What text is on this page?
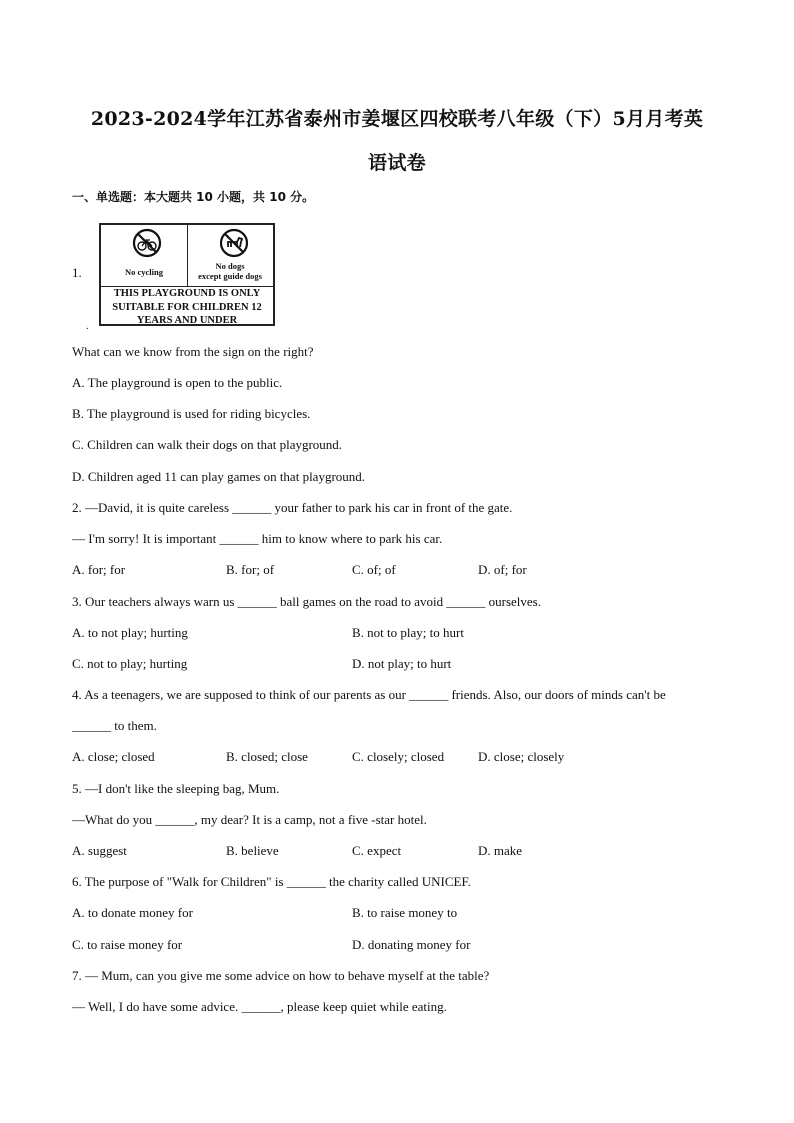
2023-2024学年江苏省泰州市姜堰区四校联考八年级（下）5月月考英
语试卷
一、单选题：本大题共 10 小题，共 10 分。
1.	No cycling
No dogs
except guide dogs
THIS PLAYGROUND IS ONLY
SUITABLE FOR CHILDREN 12
YEARS AND UNDER
.
What can we know from the sign on the right?
A. The playground is open to the public.
B. The playground is used for riding bicycles.
C. Children can walk their dogs on that playground.
D. Children aged 11 can play games on that playground.
2. —David, it is quite careless ______ your father to park his car in front of the gate.
— I'm sorry! It is important ______ him to know where to park his car.
A. for; for	B. for; of	C. of; of	D. of; for
3. Our teachers always warn us ______ ball games on the road to avoid ______ ourselves.
A. to not play; hurting	B. not to play; to hurt
C. not to play; hurting	D. not play; to hurt
4. As a teenagers, we are supposed to think of our parents as our ______ friends. Also, our doors of minds can't be
______ to them.
A. close; closed	B. closed; close	C. closely; closed	D. close; closely
5. —I don't like the sleeping bag, Mum.
—What do you ______, my dear? It is a camp, not a five -star hotel.
A. suggest	B. believe	C. expect	D. make
6. The purpose of "Walk for Children" is ______ the charity called UNICEF.
A. to donate money for	B. to raise money to
C. to raise money for	D. donating money for
7. — Mum, can you give me some advice on how to behave myself at the table?
— Well, I do have some advice. ______, please keep quiet while eating.
